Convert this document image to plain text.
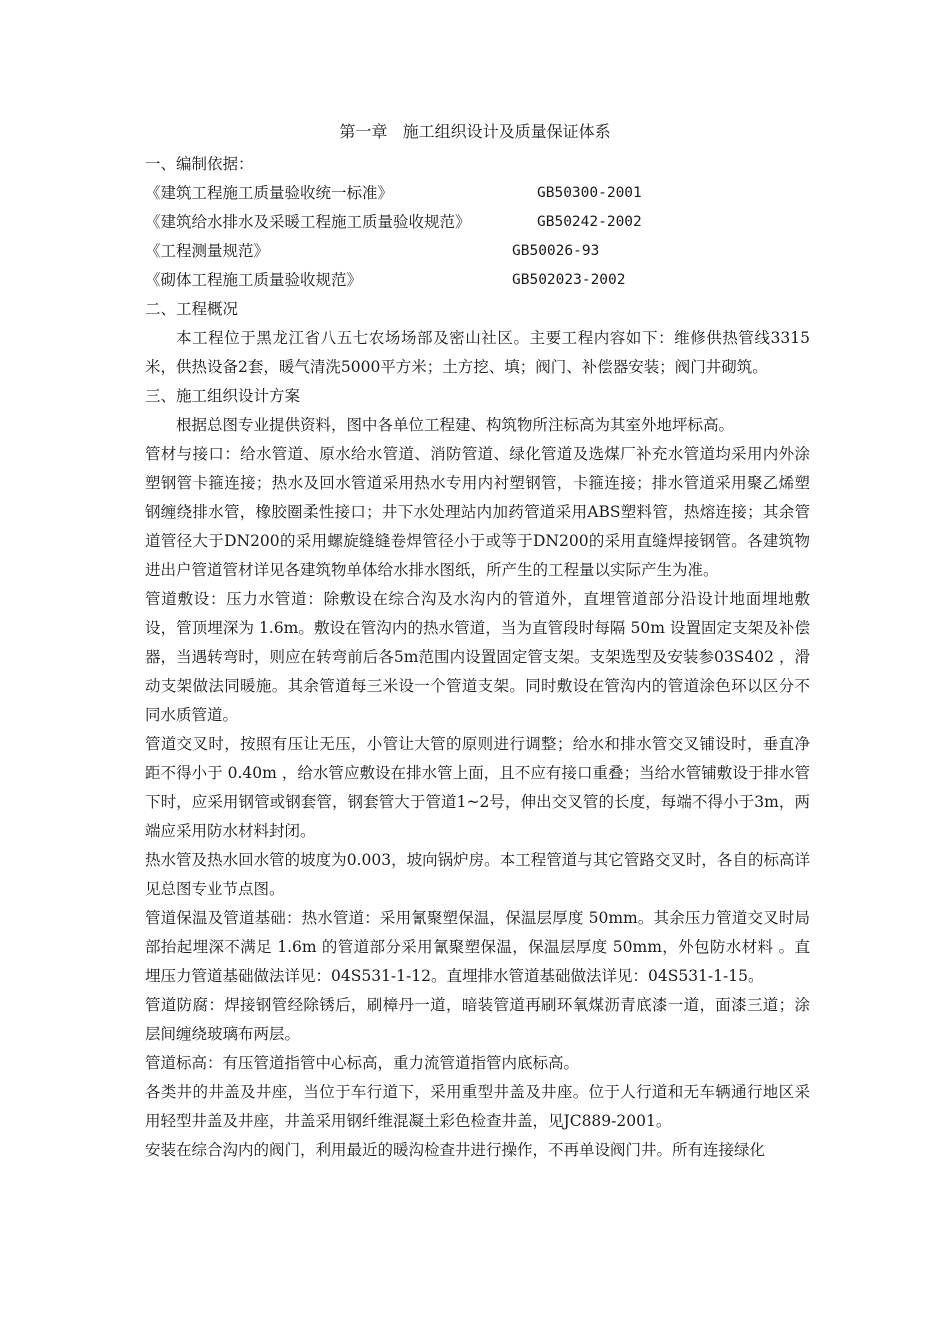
第一章   施工组织设计及质量保证体系
一、编制依据：
《建筑工程施工质量验收统一标准》	GB50300-2001
《建筑给水排水及采暖工程施工质量验收规范》	GB50242-2002
《工程测量规范》	GB50026-93
《砌体工程施工质量验收规范》	GB502023-2002
二、工程概况

本工程位于黑龙江省八五七农场场部及密山社区。主要工程内容如下：维修供热管线3315米，供热设备2套，暖气清洗5000平方米；土方挖、填；阀门、补偿器安装；阀门井砌筑。

三、施工组织设计方案

根据总图专业提供资料，图中各单位工程建、构筑物所注标高为其室外地坪标高。

管材与接口：给水管道、原水给水管道、消防管道、绿化管道及选煤厂补充水管道均采用内外涂塑钢管卡箍连接；热水及回水管道采用热水专用内衬塑钢管，卡箍连接；排水管道采用聚乙烯塑钢缠绕排水管，橡胶圈柔性接口；井下水处理站内加药管道采用ABS塑料管，热熔连接；其余管道管径大于DN200的采用螺旋缝缝卷焊管径小于或等于DN200的采用直缝焊接钢管。各建筑物进出户管道管材详见各建筑物单体给水排水图纸，所产生的工程量以实际产生为准。

管道敷设：压力水管道：除敷设在综合沟及水沟内的管道外，直埋管道部分沿设计地面埋地敷设，管顶埋深为 1.6m。敷设在管沟内的热水管道，当为直管段时每隔 50m 设置固定支架及补偿器，当遇转弯时，则应在转弯前后各5m范围内设置固定管支架。支架选型及安装参03S402 ，滑动支架做法同暖施。其余管道每三米设一个管道支架。同时敷设在管沟内的管道涂色环以区分不同水质管道。

管道交叉时，按照有压让无压，小管让大管的原则进行调整；给水和排水管交叉铺设时，垂直净距不得小于 0.40m ，给水管应敷设在排水管上面，且不应有接口重叠；当给水管铺敷设于排水管下时，应采用钢管或钢套管，钢套管大于管道1~2号，伸出交叉管的长度，每端不得小于3m，两端应采用防水材料封闭。

热水管及热水回水管的坡度为0.003，坡向锅炉房。本工程管道与其它管路交叉时，各自的标高详见总图专业节点图。

管道保温及管道基础：热水管道：采用氰聚塑保温，保温层厚度 50mm。其余压力管道交叉时局部抬起埋深不满足 1.6m 的管道部分采用氰聚塑保温，保温层厚度 50mm，外包防水材料 。直埋压力管道基础做法详见：04S531-1-12。直埋排水管道基础做法详见：04S531-1-15。

管道防腐：焊接钢管经除锈后，刷樟丹一道，暗装管道再刷环氧煤沥青底漆一道，面漆三道；涂层间缠绕玻璃布两层。

管道标高：有压管道指管中心标高，重力流管道指管内底标高。

各类井的井盖及井座，当位于车行道下，采用重型井盖及井座。位于人行道和无车辆通行地区采用轻型井盖及井座，井盖采用钢纤维混凝土彩色检查井盖，见JC889-2001。

安装在综合沟内的阀门，利用最近的暖沟检查井进行操作，不再单设阀门井。所有连接绿化
